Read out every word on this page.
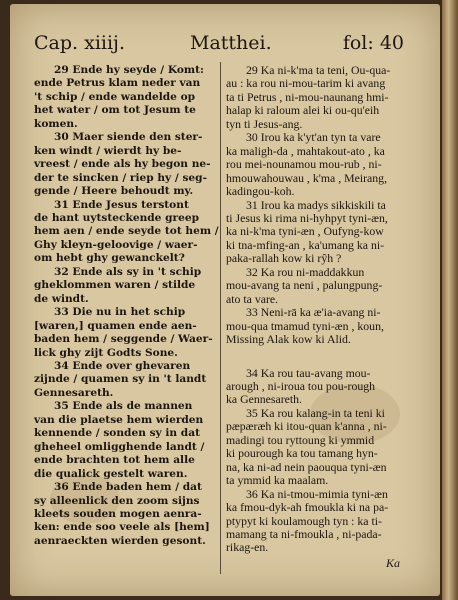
Cap. xiiij.	Matthei.	fol: 40
29 Ende hy seyde / Komt:
ende Petrus klam neder van
't schip / ende wandelde op
het water / om tot Jesum te
komen.
30 Maer siende den ster-
ken windt / wierdt hy be-
vreest / ende als hy begon ne-
der te sincken / riep hy / seg-
gende / Heere behoudt my.
31 Ende Jesus terstont
de hant uytsteckende greep
hem aen / ende seyde tot hem /
Ghy kleyn-geloovige / waer-
om hebt ghy gewanckelt?
32 Ende als sy in 't schip
gheklommen waren / stilde
de windt.
33 Die nu in het schip
[waren,] quamen ende aen-
baden hem / seggende / Waer-
lick ghy zijt Godts Sone.
34 Ende over ghevaren
zijnde / quamen sy in 't landt
Gennesareth.
35 Ende als de mannen
van die plaetse hem wierden
kennende / sonden sy in dat
gheheel omligghende landt /
ende brachten tot hem alle
die qualick gestelt waren.
36 Ende baden hem / dat
sy alleenlick den zoom sijns
kleets souden mogen aenra-
ken: ende soo veele als [hem]
aenraeckten wierden gesont.
29 Ka ni-k'ma ta teni, Ou-qua-
au : ka rou ni-mou-tarim ki avang
ta ti Petrus , ni-mou-naunang hmi-
halap ki raloum alei ki ou-qu'eih
tyn ti Jesus-ang.
30 Irou ka k'yt'an tyn ta vare
ka maligh-da , mahtakout-ato , ka
rou mei-nounamou mou-rub , ni-
hmouwahouwau , k'ma , Meirang,
kadingou-koh.
31 Irou ka madys sikkiskili ta
ti Jesus ki rima ni-hyhpyt tyni-æn,
ka ni-k'ma tyni-æn , Oufyng-kow
ki tna-mfing-an , ka'umang ka ni-
paka-rallah kow ki rŷh ?
32 Ka rou ni-maddakkun
mou-avang ta neni , palungpung-
ato ta vare.
33 Neni-rā ka æ'ia-avang ni-
mou-qua tmamud tyni-æn , koun,
Missing Alak kow ki Alid.
34 Ka rou tau-avang mou-
arough , ni-iroua tou pou-rough
ka Gennesareth.
35 Ka rou kalang-in ta teni ki
pæpæræh ki itou-quan k'anna , ni-
madingi tou ryttoung ki ymmid
ki pourough ka tou tamang hyn-
na, ka ni-ad nein paouqua tyni-æn
ta ymmid ka maalam.
36 Ka ni-tmou-mimia tyni-æn
ka fmou-dyk-ah fmoukla ki na pa-
ptypyt ki koulamough tyn : ka ti-
mamang ta ni-fmoukla , ni-pada-
rikag-en.
Ka
